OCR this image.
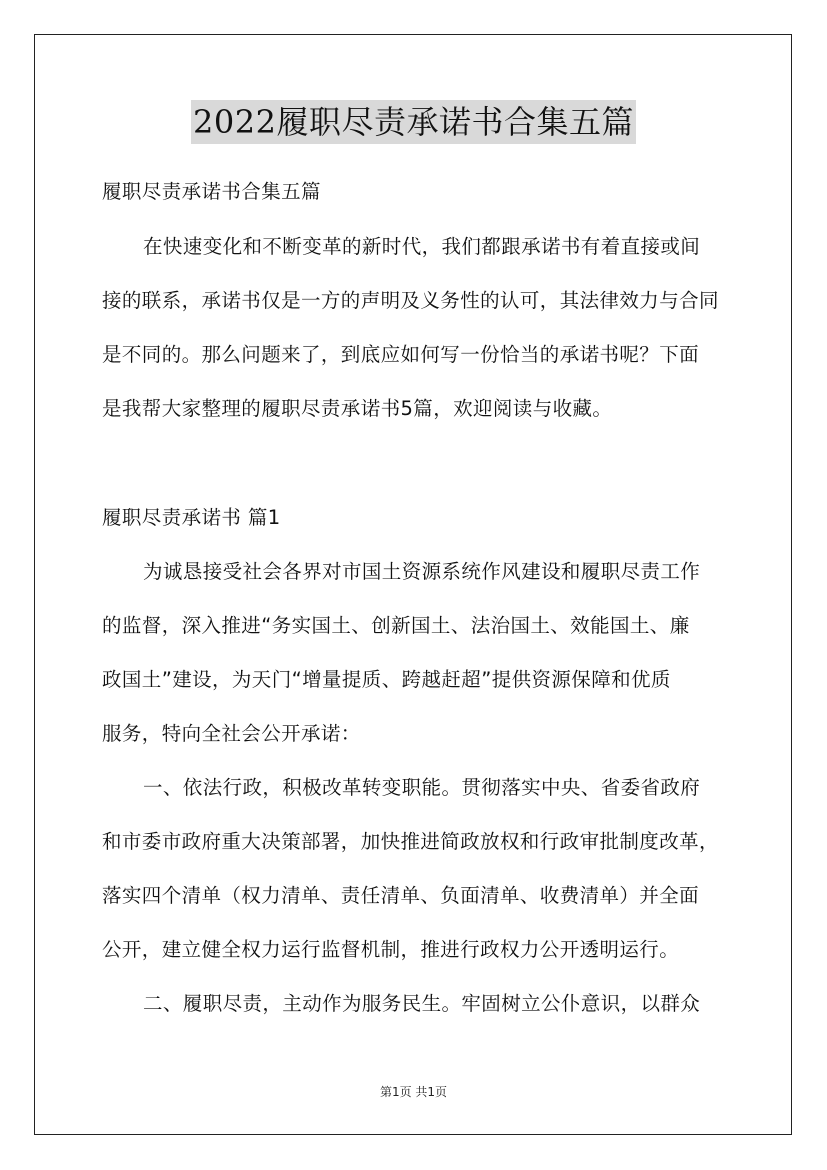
2022履职尽责承诺书合集五篇
履职尽责承诺书合集五篇
在快速变化和不断变革的新时代，我们都跟承诺书有着直接或间
接的联系，承诺书仅是一方的声明及义务性的认可，其法律效力与合同
是不同的。那么问题来了，到底应如何写一份恰当的承诺书呢？下面
是我帮大家整理的履职尽责承诺书5篇，欢迎阅读与收藏。
履职尽责承诺书 篇1
为诚恳接受社会各界对市国土资源系统作风建设和履职尽责工作
的监督，深入推进“务实国土、创新国土、法治国土、效能国土、廉
政国土”建设，为天门“增量提质、跨越赶超”提供资源保障和优质
服务，特向全社会公开承诺：
一、依法行政，积极改革转变职能。贯彻落实中央、省委省政府
和市委市政府重大决策部署，加快推进简政放权和行政审批制度改革，
落实四个清单（权力清单、责任清单、负面清单、收费清单）并全面
公开，建立健全权力运行监督机制，推进行政权力公开透明运行。
二、履职尽责，主动作为服务民生。牢固树立公仆意识，以群众
第1页 共1页
